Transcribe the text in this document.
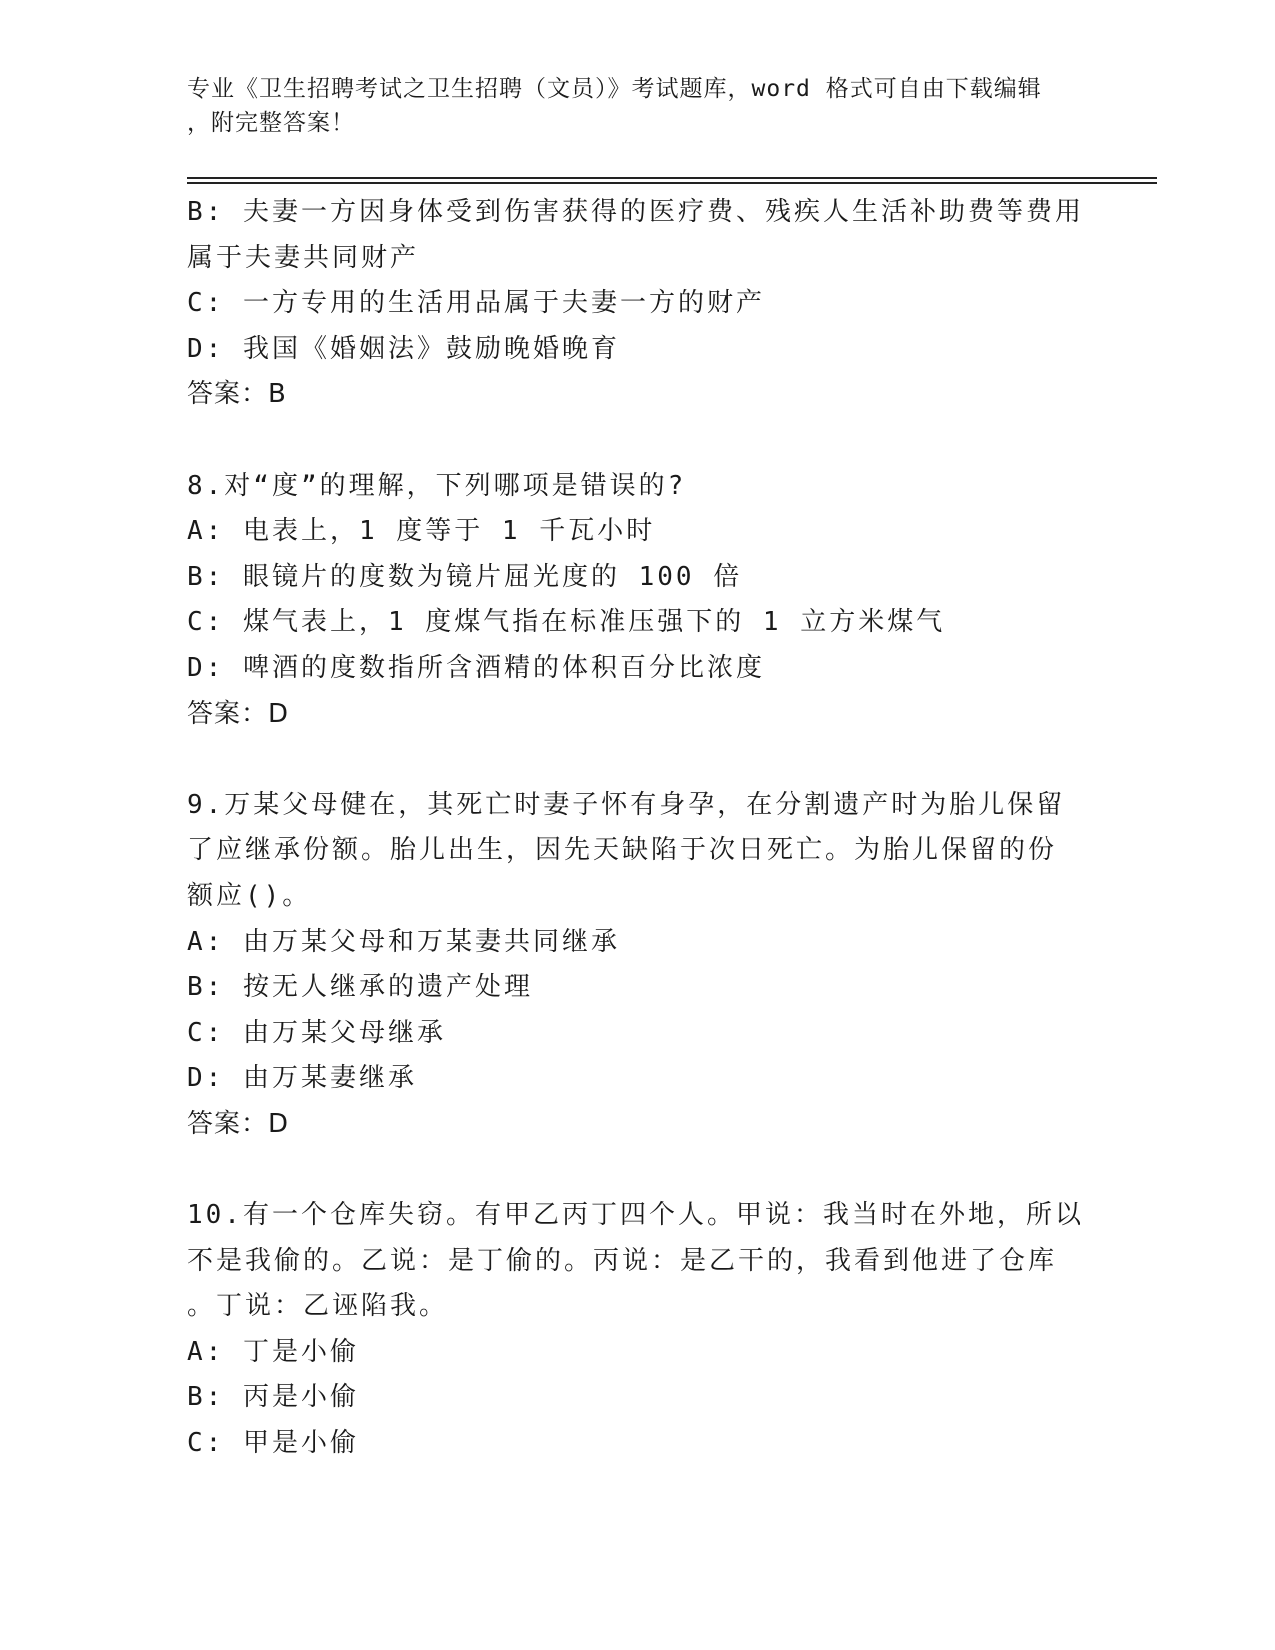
专业《卫生招聘考试之卫生招聘（文员）》考试题库，word 格式可自由下载编辑
，附完整答案！
B: 夫妻一方因身体受到伤害获得的医疗费、残疾人生活补助费等费用
属于夫妻共同财产
C: 一方专用的生活用品属于夫妻一方的财产
D: 我国《婚姻法》鼓励晚婚晚育
答案：B
8.对“度”的理解，下列哪项是错误的?
A: 电表上，1 度等于 1 千瓦小时
B: 眼镜片的度数为镜片屈光度的 100 倍
C: 煤气表上，1 度煤气指在标准压强下的 1 立方米煤气
D: 啤酒的度数指所含酒精的体积百分比浓度
答案：D
9.万某父母健在，其死亡时妻子怀有身孕，在分割遗产时为胎儿保留
了应继承份额。胎儿出生，因先天缺陷于次日死亡。为胎儿保留的份
额应()。
A: 由万某父母和万某妻共同继承
B: 按无人继承的遗产处理
C: 由万某父母继承
D: 由万某妻继承
答案：D
10.有一个仓库失窃。有甲乙丙丁四个人。甲说：我当时在外地，所以
不是我偷的。乙说：是丁偷的。丙说：是乙干的，我看到他进了仓库
。丁说：乙诬陷我。
A: 丁是小偷
B: 丙是小偷
C: 甲是小偷
